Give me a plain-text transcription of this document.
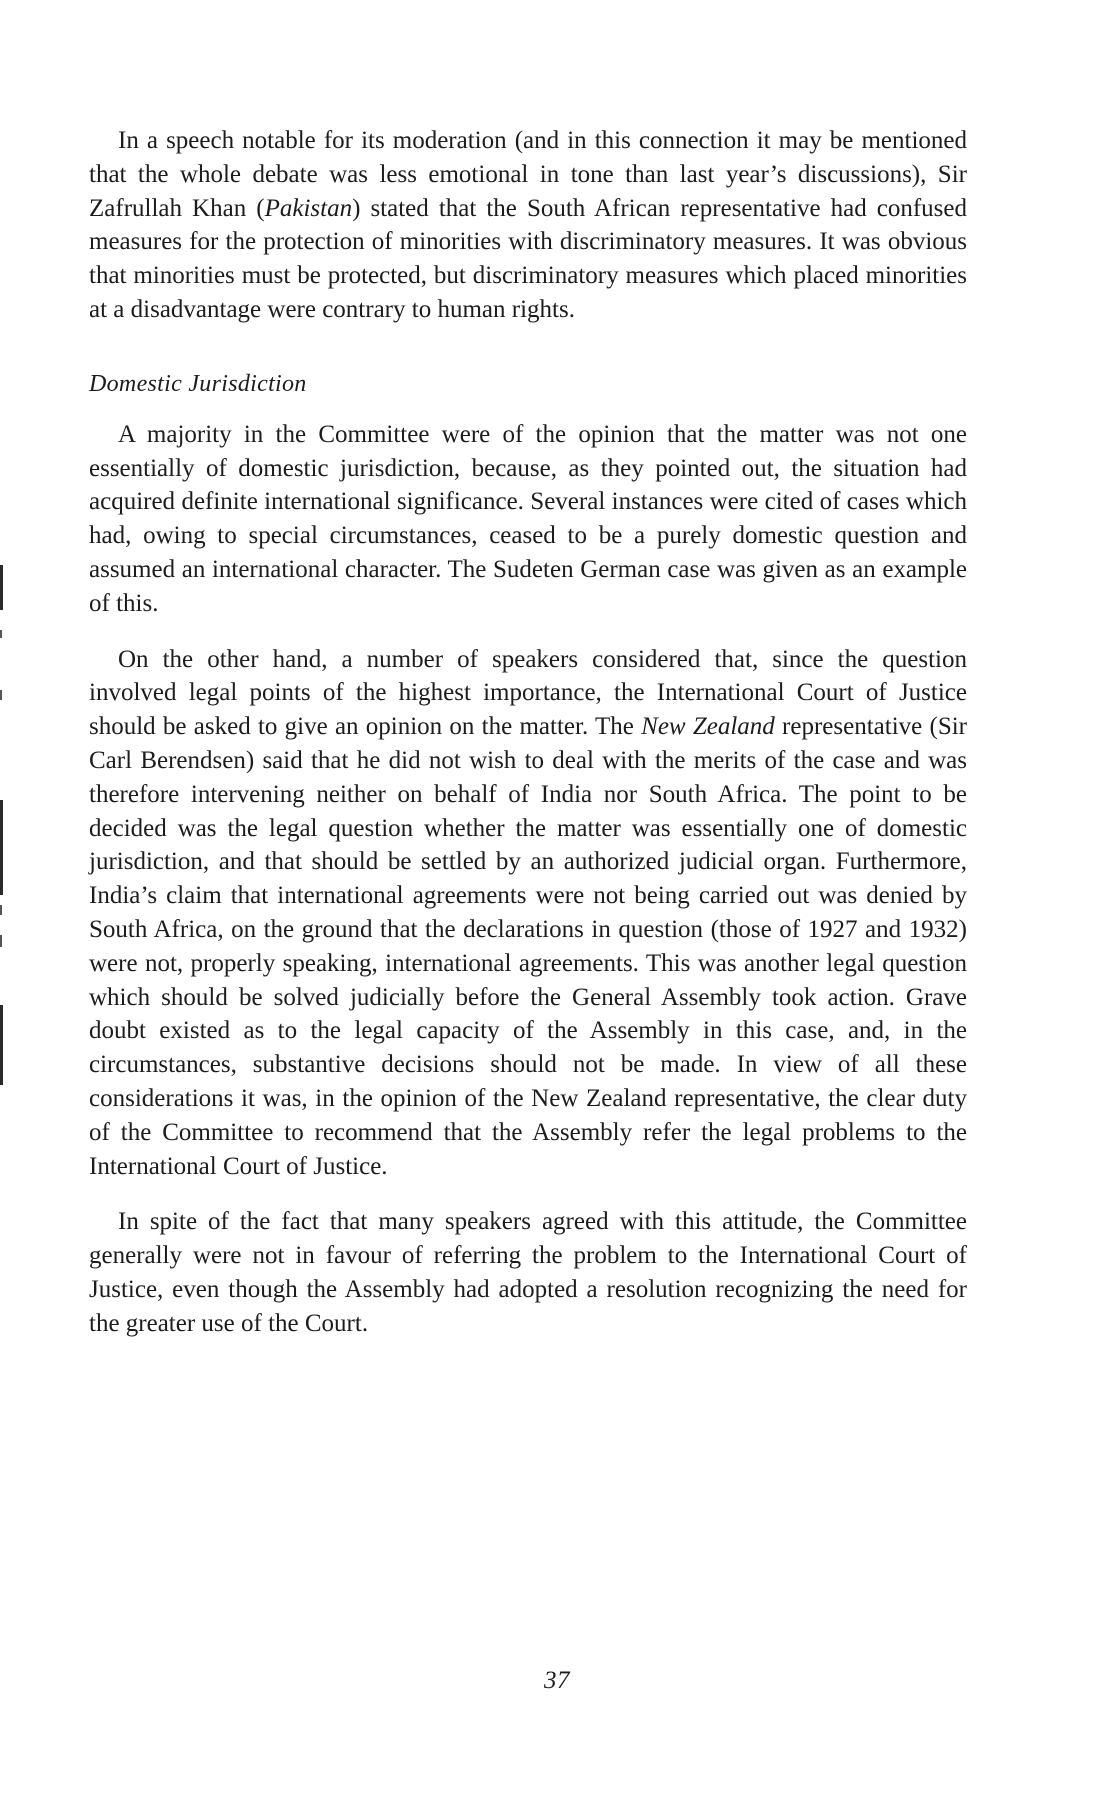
In a speech notable for its moderation (and in this connection it may be mentioned that the whole debate was less emotional in tone than last year’s discussions), Sir Zafrullah Khan (Pakistan) stated that the South African representative had confused measures for the protection of minorities with discriminatory measures. It was obvious that minorities must be protected, but discriminatory measures which placed minorities at a disadvantage were contrary to human rights.

Domestic Jurisdiction

A majority in the Committee were of the opinion that the matter was not one essentially of domestic jurisdiction, because, as they pointed out, the situation had acquired definite international significance. Several instances were cited of cases which had, owing to special circumstances, ceased to be a purely domestic question and assumed an international character. The Sudeten German case was given as an example of this.

On the other hand, a number of speakers considered that, since the question involved legal points of the highest importance, the International Court of Justice should be asked to give an opinion on the matter. The New Zealand representative (Sir Carl Berendsen) said that he did not wish to deal with the merits of the case and was therefore intervening neither on behalf of India nor South Africa. The point to be decided was the legal question whether the matter was essentially one of domestic jurisdiction, and that should be settled by an authorized judicial organ. Furthermore, India’s claim that international agreements were not being carried out was denied by South Africa, on the ground that the declarations in question (those of 1927 and 1932) were not, properly speaking, international agreements. This was another legal question which should be solved judicially before the General Assembly took action. Grave doubt existed as to the legal capacity of the Assembly in this case, and, in the circumstances, substantive decisions should not be made. In view of all these considerations it was, in the opinion of the New Zealand representative, the clear duty of the Committee to recommend that the Assembly refer the legal problems to the International Court of Justice.

In spite of the fact that many speakers agreed with this attitude, the Committee generally were not in favour of referring the problem to the International Court of Justice, even though the Assembly had adopted a resolution recognizing the need for the greater use of the Court.

37
